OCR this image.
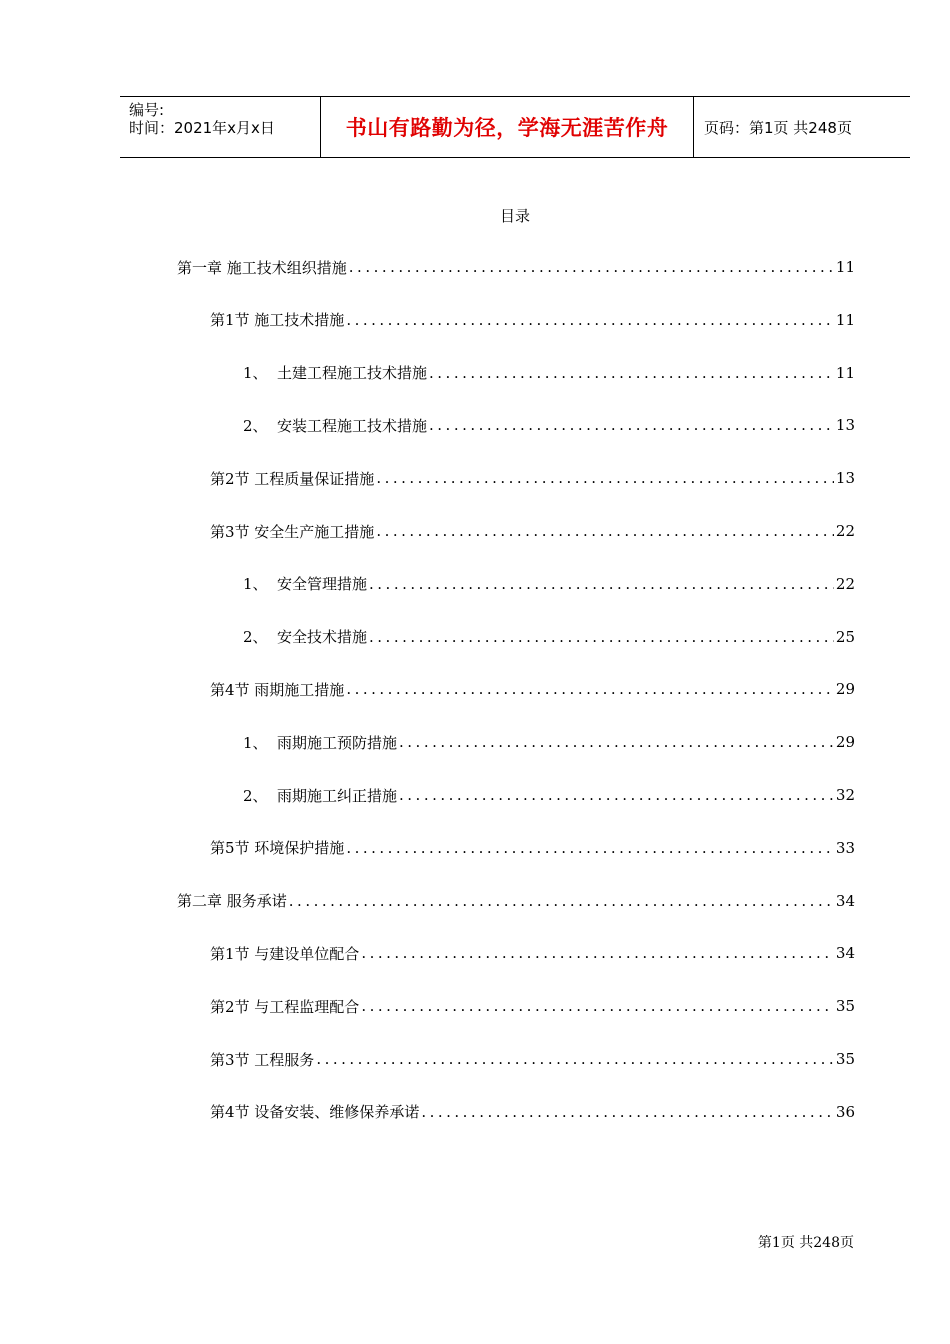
编号:
时间：2021年x月x日	书山有路勤为径，学海无涯苦作舟	页码：第1页 共248页
目录
第一章 施工技术组织措施 .....	11
第1节 施工技术措施 .....	11
1、 土建工程施工技术措施 .....	11
2、 安装工程施工技术措施 .....	13
第2节 工程质量保证措施 .....	13
第3节 安全生产施工措施 .....	22
1、 安全管理措施 .....	22
2、 安全技术措施 .....	25
第4节 雨期施工措施 .....	29
1、 雨期施工预防措施 .....	29
2、 雨期施工纠正措施 .....	32
第5节 环境保护措施 .....	33
第二章 服务承诺 .....	34
第1节 与建设单位配合 .....	34
第2节 与工程监理配合 .....	35
第3节 工程服务 .....	35
第4节 设备安装、维修保养承诺 .....	36
第1页 共248页
